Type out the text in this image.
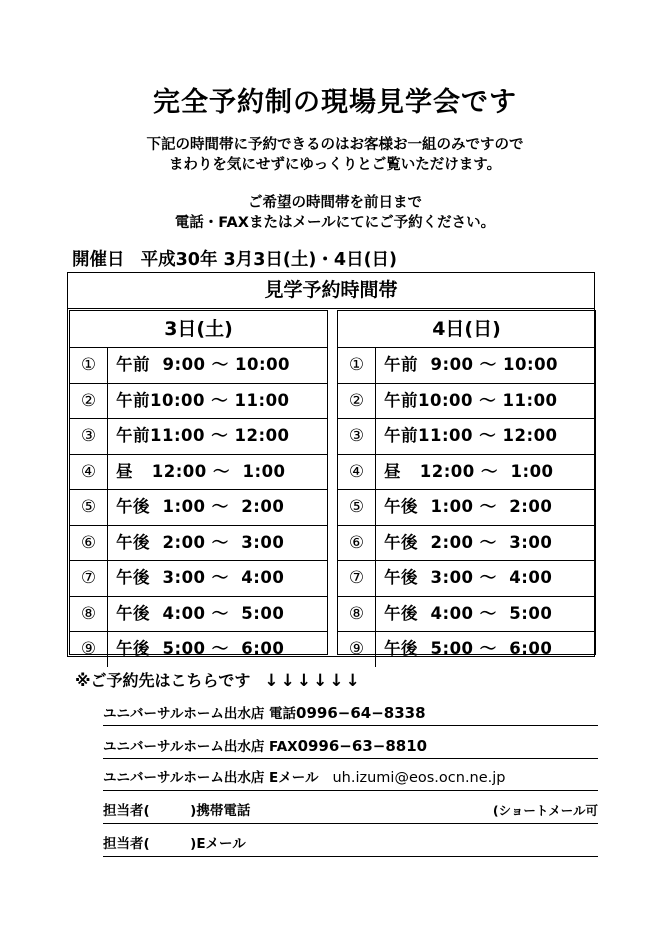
完全予約制の現場見学会です
下記の時間帯に予約できるのはお客様お一組のみですので
まわりを気にせずにゆっくりとご覧いただけます。
ご希望の時間帯を前日まで
電話・FAXまたはメールにてにご予約ください。
開催日 平成30年 3月3日(土)・4日(日)
見学予約時間帯
3日(土)
①	午前  9:00 〜 10:00
②	午前10:00 〜 11:00
③	午前11:00 〜 12:00
④	昼   12:00 〜  1:00
⑤	午後  1:00 〜  2:00
⑥	午後  2:00 〜  3:00
⑦	午後  3:00 〜  4:00
⑧	午後  4:00 〜  5:00
⑨	午後  5:00 〜  6:00
4日(日)
①	午前  9:00 〜 10:00
②	午前10:00 〜 11:00
③	午前11:00 〜 12:00
④	昼   12:00 〜  1:00
⑤	午後  1:00 〜  2:00
⑥	午後  2:00 〜  3:00
⑦	午後  3:00 〜  4:00
⑧	午後  4:00 〜  5:00
⑨	午後  5:00 〜  6:00
※ご予約先はこちらです ↓↓↓↓↓↓
ユニバーサルホーム出水店 電話0996−64−8338
ユニバーサルホーム出水店 FAX0996−63−8810
ユニバーサルホーム出水店 Eメール uh.izumi@eos.ocn.ne.jp
担当者(　　　)携帯電話	(ショートメール可
担当者(　　　)Eメール
